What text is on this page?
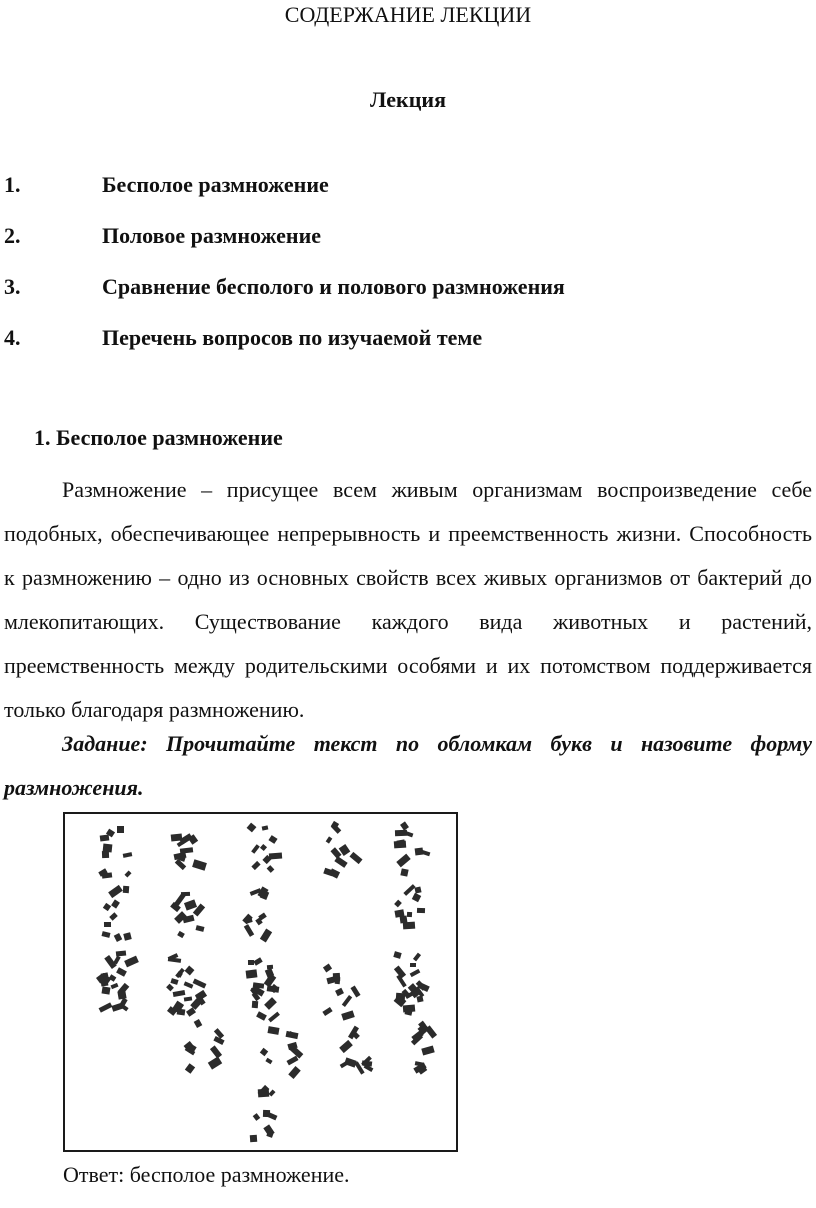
СОДЕРЖАНИЕ ЛЕКЦИИ
Лекция
1.	Бесполое размножение
2.	Половое размножение
3.	Сравнение бесполого и полового размножения
4.	Перечень вопросов по изучаемой теме
1. Бесполое размножение

Размножение – присущее всем живым организмам воспроизведение себе подобных, обеспечивающее непрерывность и преемственность жизни. Способность к размножению – одно из основных свойств всех живых организмов от бактерий до млекопитающих. Существование каждого вида животных и растений, преемственность между родительскими особями и их потомством поддерживается только благодаря размножению.

Задание: Прочитайте текст по обломкам букв и назовите форму размножения.

Ответ: бесполое размножение.
